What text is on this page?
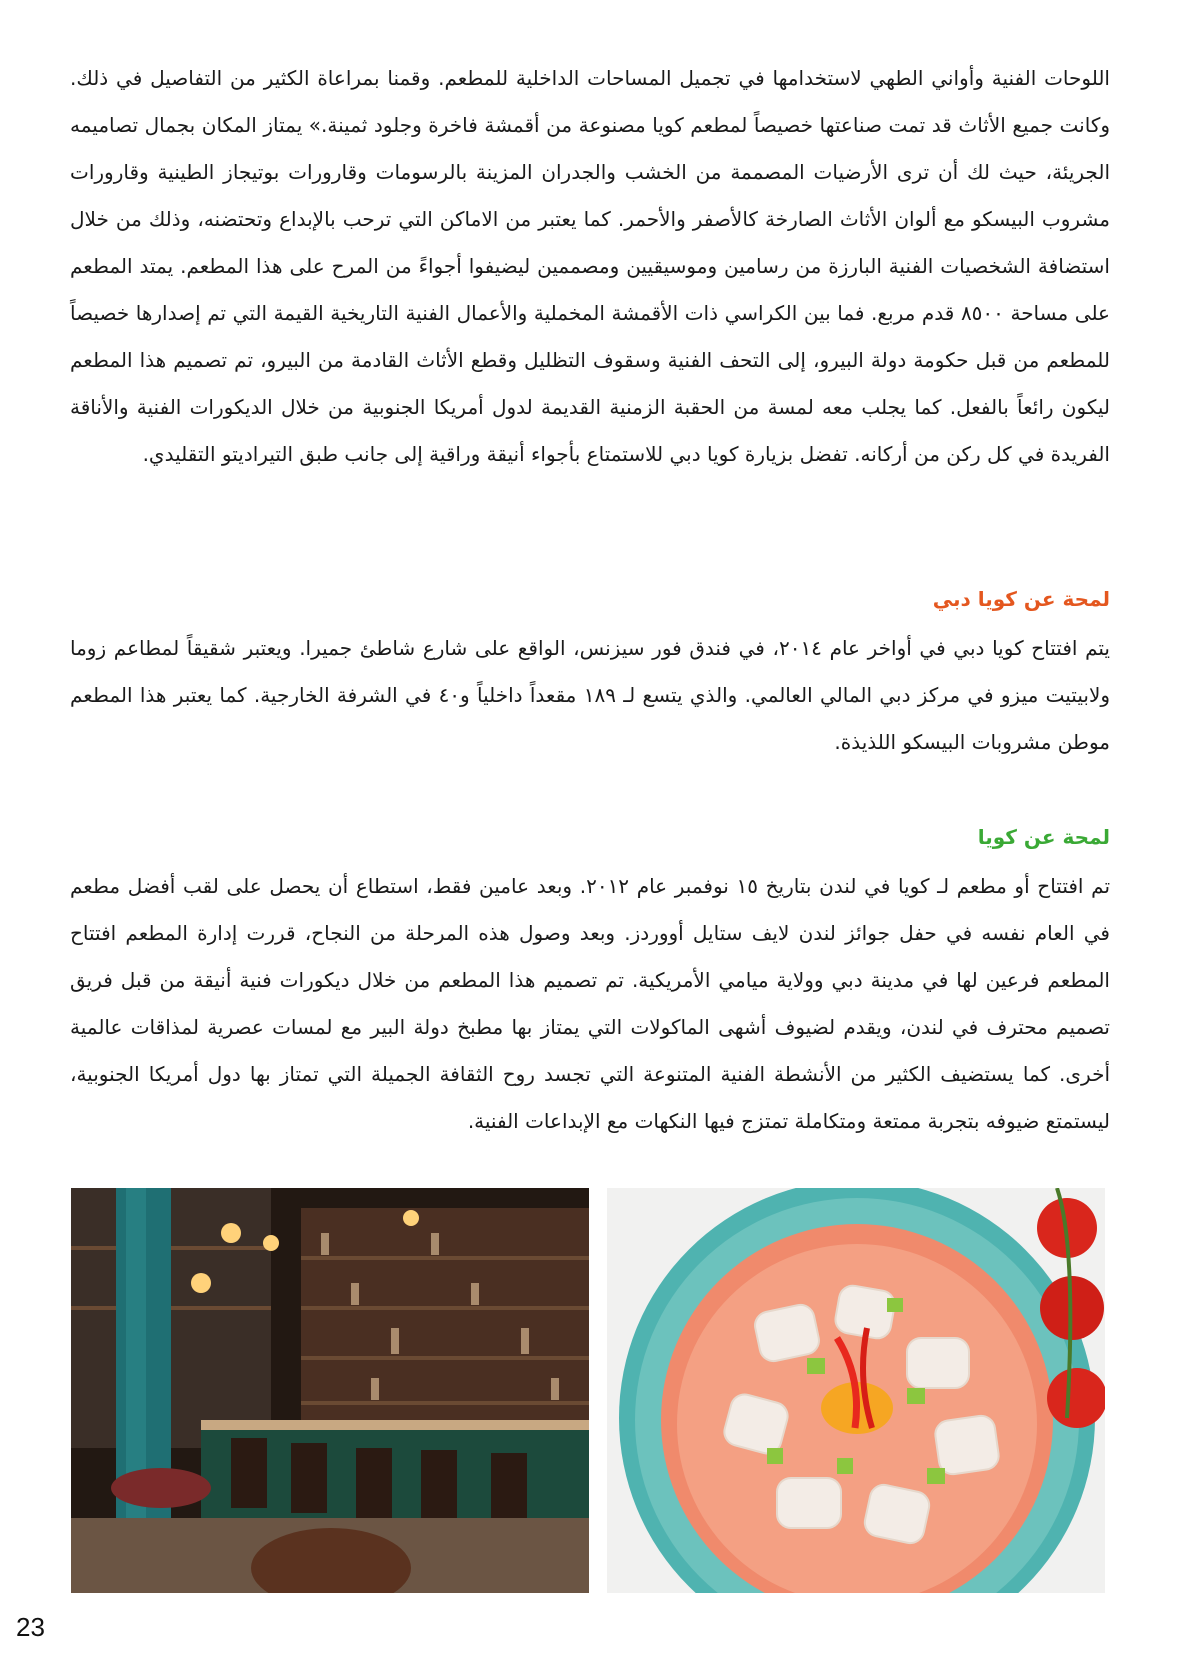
اللوحات الفنية وأواني الطهي لاستخدامها في تجميل المساحات الداخلية للمطعم. وقمنا بمراعاة الكثير من التفاصيل في ذلك. وكانت جميع الأثاث قد تمت صناعتها خصيصاً لمطعم كويا مصنوعة من أقمشة فاخرة وجلود ثمينة.» يمتاز المكان بجمال تصاميمه الجريئة، حيث لك أن ترى الأرضيات المصممة من الخشب والجدران المزينة بالرسومات وقارورات بوتيجاز الطينية وقارورات مشروب البيسكو مع ألوان الأثاث الصارخة كالأصفر والأحمر. كما يعتبر من الاماكن التي ترحب بالإبداع وتحتضنه، وذلك من خلال استضافة الشخصيات الفنية البارزة من رسامين وموسيقيين ومصممين ليضيفوا أجواءً من المرح على هذا المطعم. يمتد المطعم على مساحة ٨٥٠٠ قدم مربع. فما بين الكراسي ذات الأقمشة المخملية والأعمال الفنية التاريخية القيمة التي تم إصدارها خصيصاً للمطعم من قبل حكومة دولة البيرو، إلى التحف الفنية وسقوف التظليل وقطع الأثاث القادمة من البيرو، تم تصميم هذا المطعم ليكون رائعاً بالفعل. كما يجلب معه لمسة من الحقبة الزمنية القديمة لدول أمريكا الجنوبية من خلال الديكورات الفنية والأناقة الفريدة في كل ركن من أركانه. تفضل بزيارة كويا دبي للاستمتاع بأجواء أنيقة وراقية إلى جانب طبق التيراديتو التقليدي.

لمحة عن كويا دبي

يتم افتتاح كويا دبي في أواخر عام ٢٠١٤، في فندق فور سيزنس، الواقع على شارع شاطئ جميرا. ويعتبر شقيقاً لمطاعم زوما ولابيتيت ميزو في مركز دبي المالي العالمي. والذي يتسع لـ ١٨٩ مقعداً داخلياً و٤٠ في الشرفة الخارجية. كما يعتبر هذا المطعم موطن مشروبات البيسكو اللذيذة.

لمحة عن كويا

تم افتتاح أو مطعم لـ كويا في لندن بتاريخ ١٥ نوفمبر عام ٢٠١٢. وبعد عامين فقط، استطاع أن يحصل على لقب أفضل مطعم في العام نفسه في حفل جوائز لندن لايف ستايل أووردز. وبعد وصول هذه المرحلة من النجاح، قررت إدارة المطعم افتتاح المطعم فرعين لها في مدينة دبي وولاية ميامي الأمريكية. تم تصميم هذا المطعم من خلال ديكورات فنية أنيقة من قبل فريق تصميم محترف في لندن، ويقدم لضيوف أشهى الماكولات التي يمتاز بها مطبخ دولة البير مع لمسات عصرية لمذاقات عالمية أخرى. كما يستضيف الكثير من الأنشطة الفنية المتنوعة التي تجسد روح الثقافة الجميلة التي تمتاز بها دول أمريكا الجنوبية، ليستمتع ضيوفه بتجربة ممتعة ومتكاملة تمتزج فيها النكهات مع الإبداعات الفنية.

23
